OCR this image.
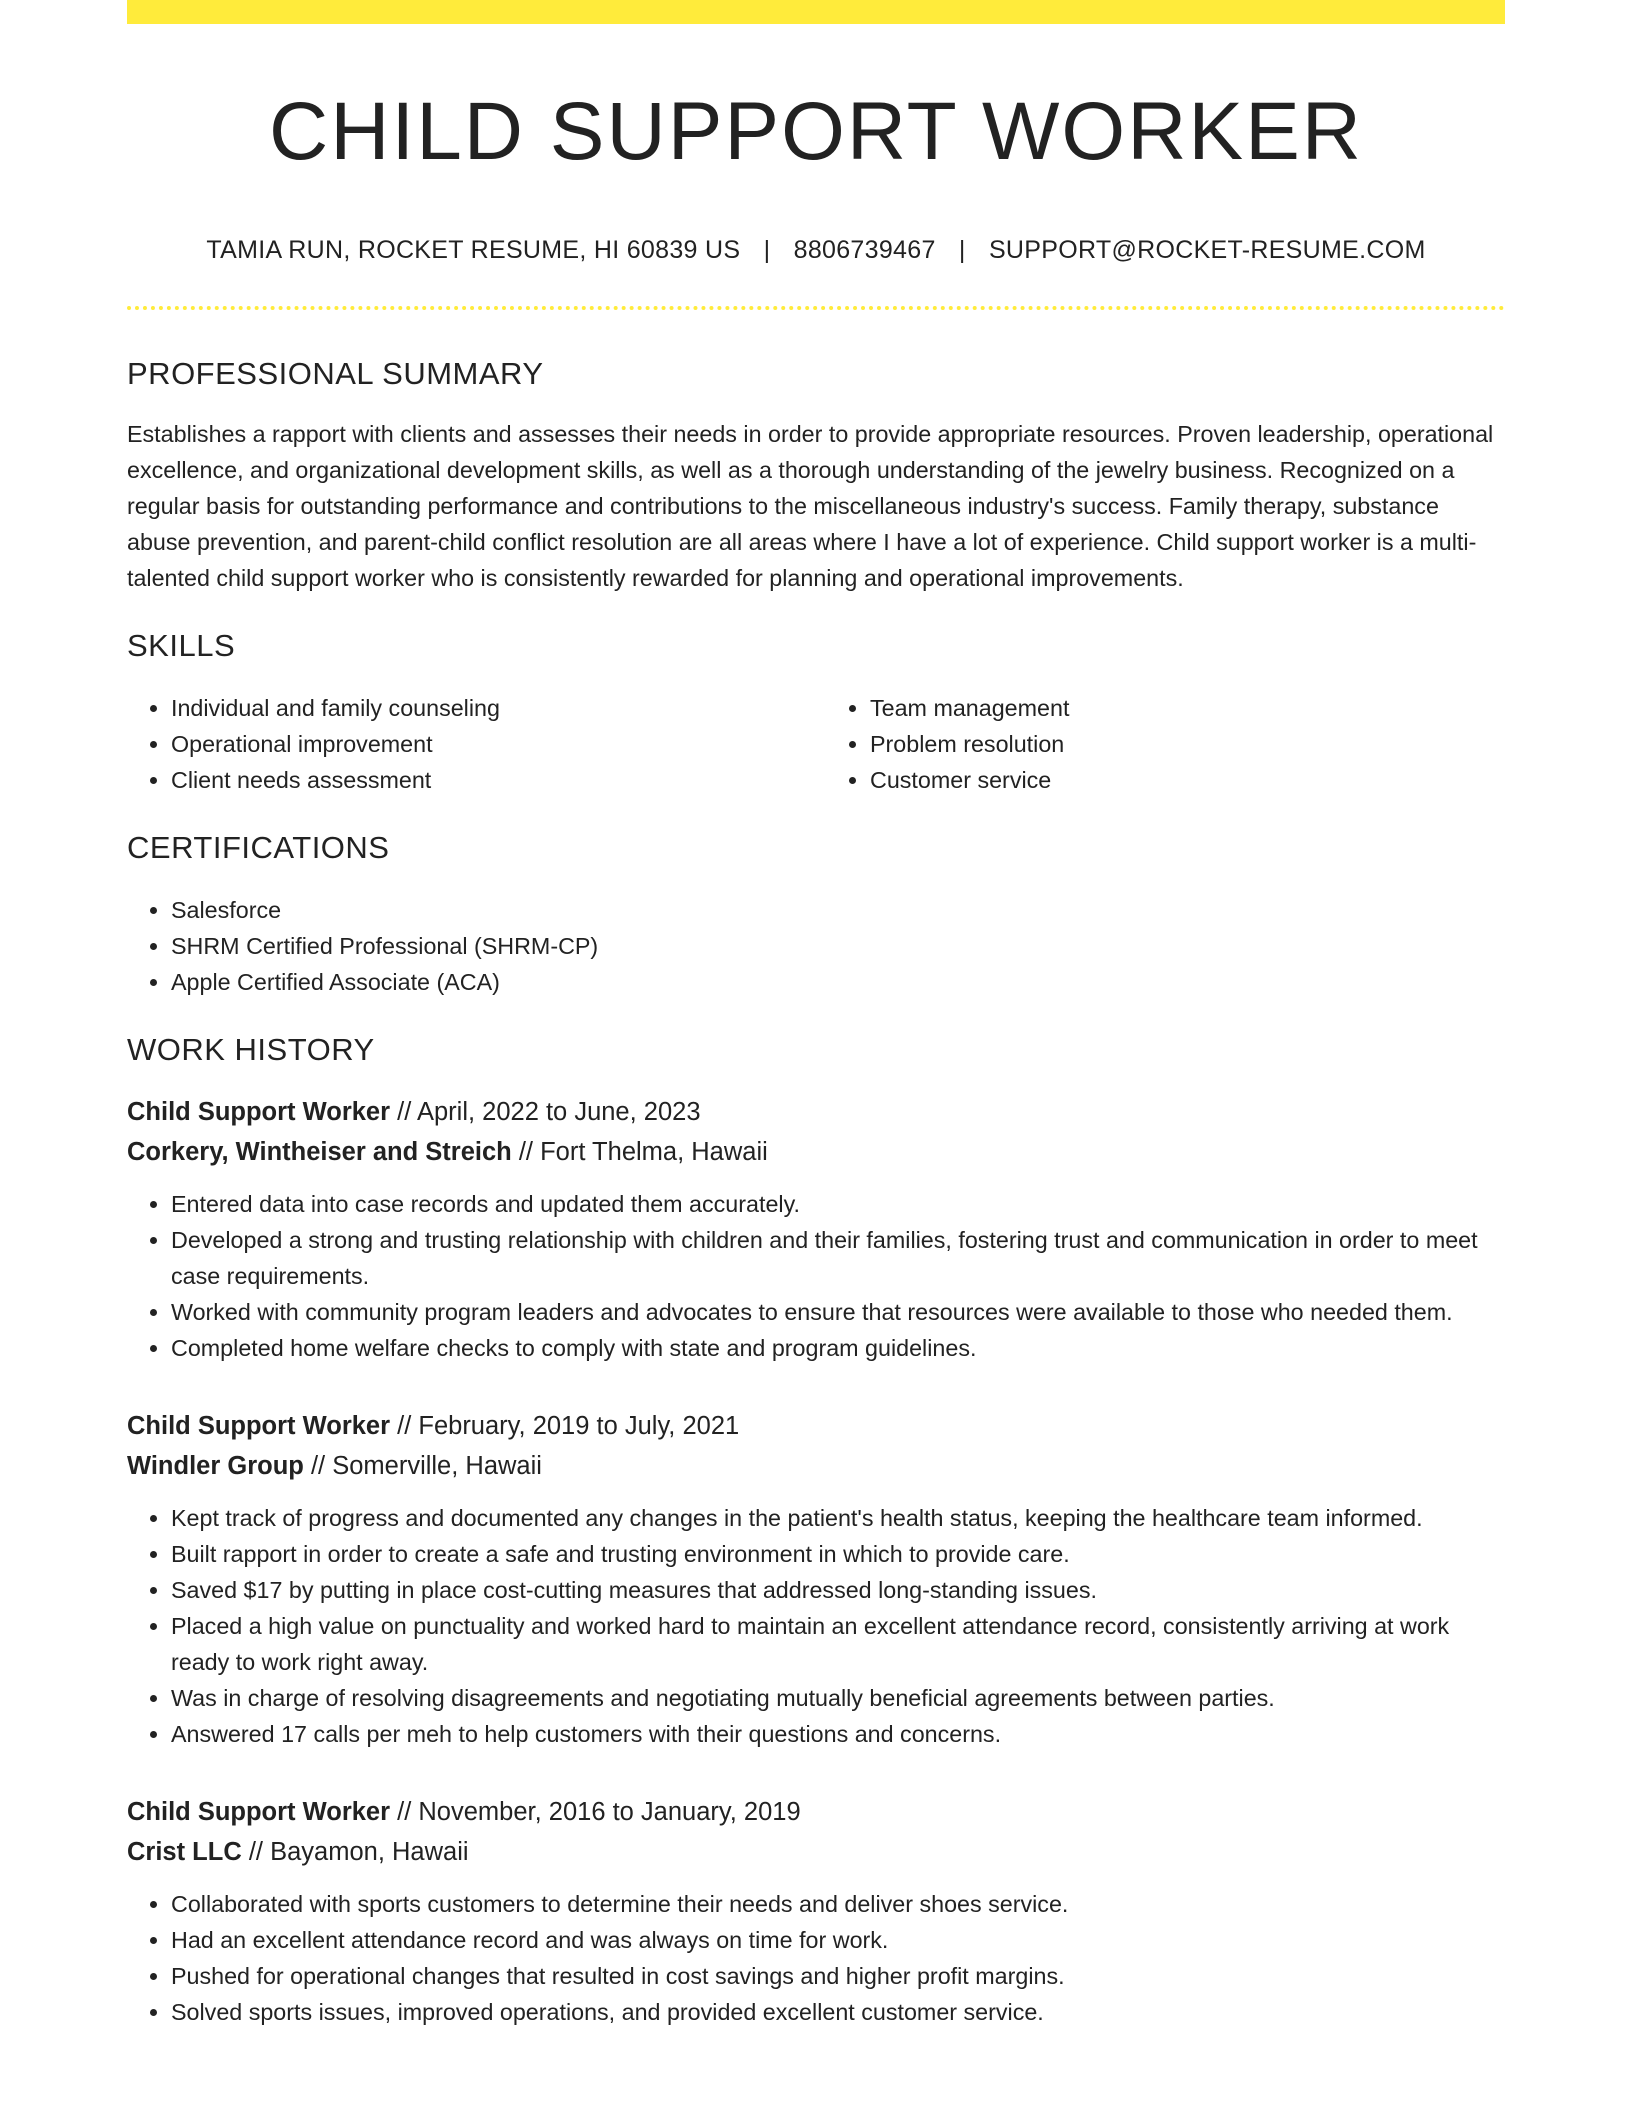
CHILD SUPPORT WORKER
TAMIA RUN, ROCKET RESUME, HI 60839 US | 8806739467 | SUPPORT@ROCKET-RESUME.COM
PROFESSIONAL SUMMARY
Establishes a rapport with clients and assesses their needs in order to provide appropriate resources. Proven leadership, operational excellence, and organizational development skills, as well as a thorough understanding of the jewelry business. Recognized on a regular basis for outstanding performance and contributions to the miscellaneous industry's success. Family therapy, substance abuse prevention, and parent-child conflict resolution are all areas where I have a lot of experience. Child support worker is a multi-talented child support worker who is consistently rewarded for planning and operational improvements.
SKILLS
• Individual and family counseling
• Operational improvement
• Client needs assessment
• Team management
• Problem resolution
• Customer service
CERTIFICATIONS
• Salesforce
• SHRM Certified Professional (SHRM-CP)
• Apple Certified Associate (ACA)
WORK HISTORY
Child Support Worker // April, 2022 to June, 2023
Corkery, Wintheiser and Streich // Fort Thelma, Hawaii
• Entered data into case records and updated them accurately.
• Developed a strong and trusting relationship with children and their families, fostering trust and communication in order to meet case requirements.
• Worked with community program leaders and advocates to ensure that resources were available to those who needed them.
• Completed home welfare checks to comply with state and program guidelines.
Child Support Worker // February, 2019 to July, 2021
Windler Group // Somerville, Hawaii
• Kept track of progress and documented any changes in the patient's health status, keeping the healthcare team informed.
• Built rapport in order to create a safe and trusting environment in which to provide care.
• Saved $17 by putting in place cost-cutting measures that addressed long-standing issues.
• Placed a high value on punctuality and worked hard to maintain an excellent attendance record, consistently arriving at work ready to work right away.
• Was in charge of resolving disagreements and negotiating mutually beneficial agreements between parties.
• Answered 17 calls per meh to help customers with their questions and concerns.
Child Support Worker // November, 2016 to January, 2019
Crist LLC // Bayamon, Hawaii
• Collaborated with sports customers to determine their needs and deliver shoes service.
• Had an excellent attendance record and was always on time for work.
• Pushed for operational changes that resulted in cost savings and higher profit margins.
• Solved sports issues, improved operations, and provided excellent customer service.
